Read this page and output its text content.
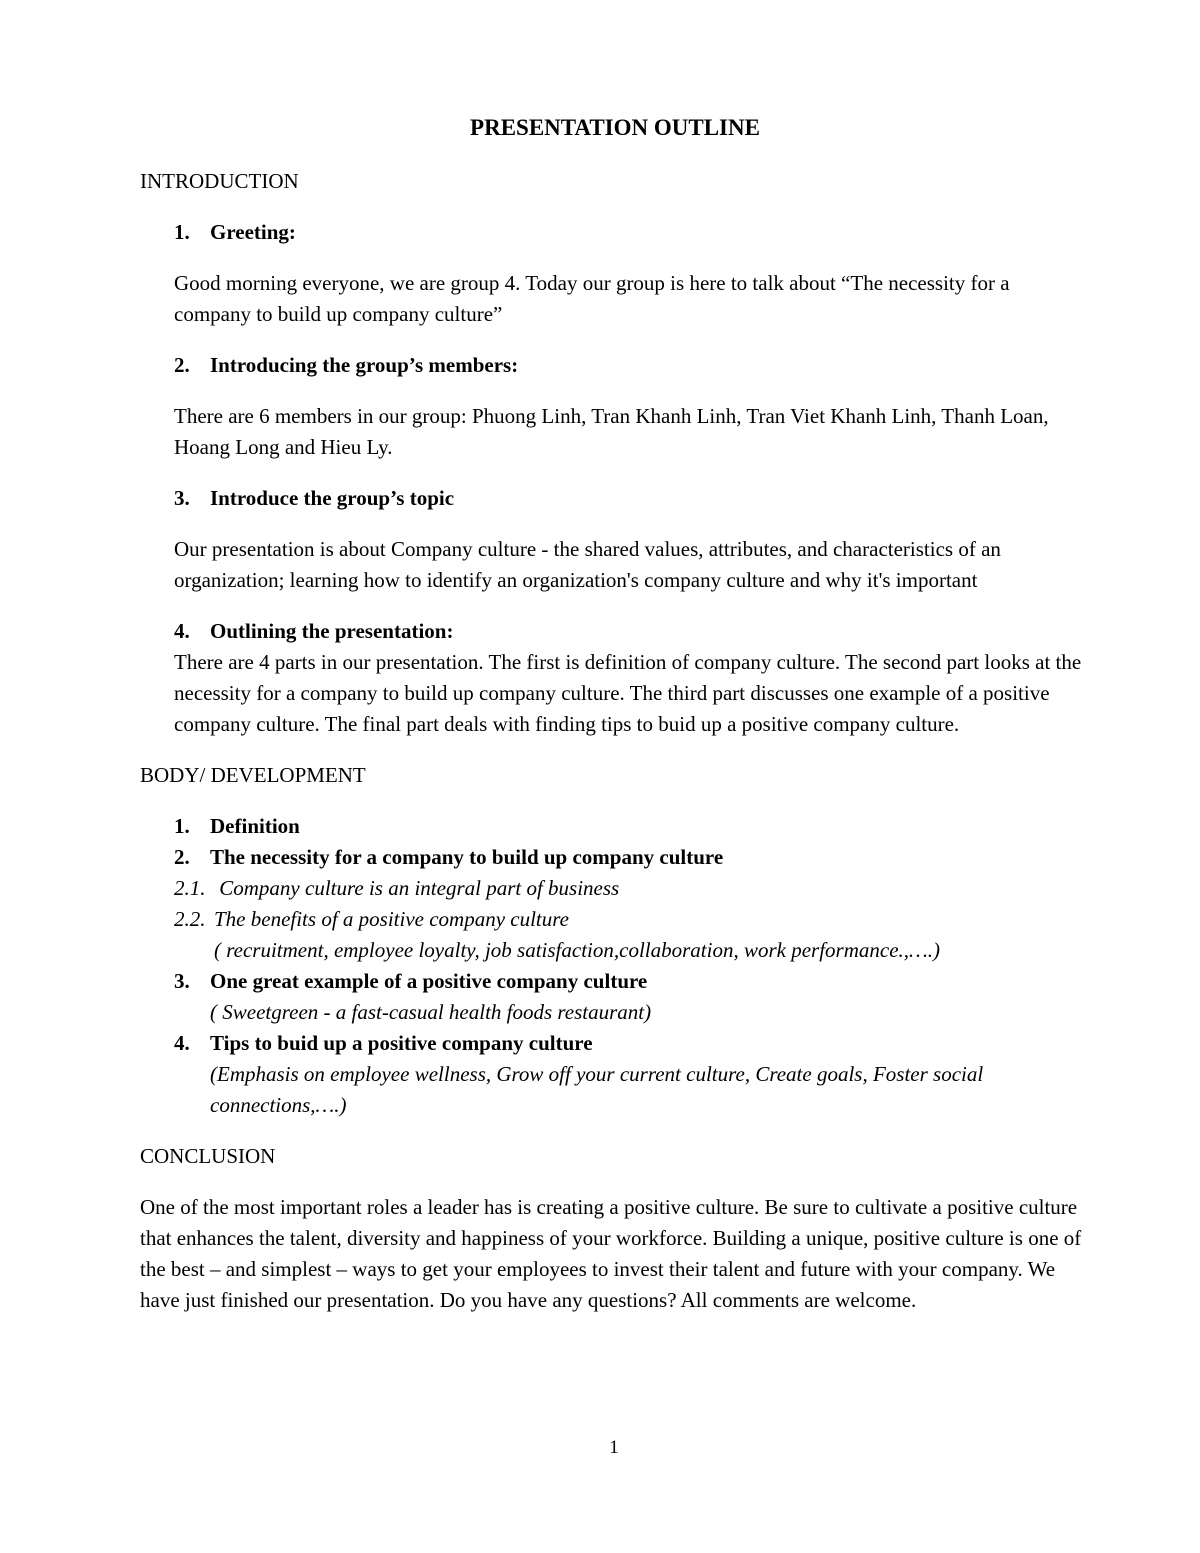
PRESENTATION OUTLINE
INTRODUCTION
1. Greeting:
Good morning everyone, we are group 4. Today our group is here to talk about “The necessity for a company to build up company culture”
2. Introducing the group’s members:
There are 6 members in our group: Phuong Linh, Tran Khanh Linh, Tran Viet Khanh Linh, Thanh Loan, Hoang Long and Hieu Ly.
3. Introduce the group’s topic
Our presentation is about Company culture - the shared values, attributes, and characteristics of an organization; learning how to identify an organization's company culture and why it's important
4. Outlining the presentation:
There are 4 parts in our presentation. The first is definition of company culture. The second part looks at the necessity for a company to build up company culture. The third part discusses one example of a positive company culture. The final part deals with finding tips to buid up a positive company culture.
BODY/ DEVELOPMENT
1. Definition
2. The necessity for a company to build up company culture
2.1. Company culture is an integral part of business
2.2. The benefits of a positive company culture
( recruitment, employee loyalty, job satisfaction,collaboration, work performance.,….)
3. One great example of a positive company culture
( Sweetgreen - a fast-casual health foods restaurant)
4. Tips to buid up a positive company culture
(Emphasis on employee wellness, Grow off your current culture, Create goals, Foster social connections,….)
CONCLUSION
One of the most important roles a leader has is creating a positive culture. Be sure to cultivate a positive culture that enhances the talent, diversity and happiness of your workforce. Building a unique, positive culture is one of the best – and simplest – ways to get your employees to invest their talent and future with your company. We have just finished our presentation. Do you have any questions? All comments are welcome.
1
